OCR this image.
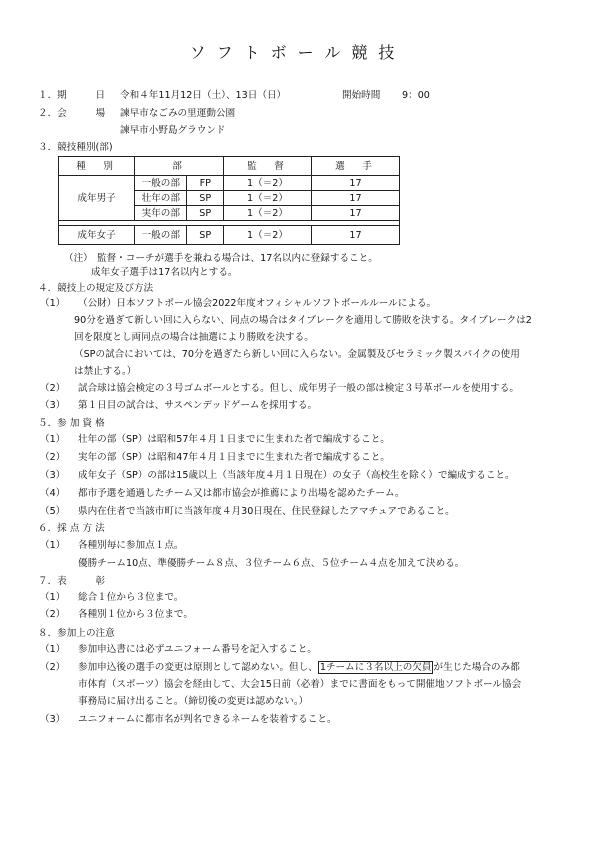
ソフトボール競技
１．期　　　日 令和４年11月12日（土）、13日（日）	開始時間 9：00
２．会　　　場 諫早市なごみの里運動公園
諫早市小野島グラウンド
３．競技種別(部)
種　別	部		監　督	選　手
成年男子	一般の部	FP	1（＝2）	17
	壮年の部	SP	1（＝2）	17
	実年の部	SP	1（＝2）	17

成年女子	一般の部	SP	1（＝2）	17
（注） 監督・コーチが選手を兼ねる場合は、17名以内に登録すること。
成年女子選手は17名以内とする。
４．競技上の規定及び方法
（1） （公財）日本ソフトボール協会2022年度オフィシャルソフトボールルールによる。
90分を過ぎて新しい回に入らない、同点の場合はタイブレークを適用して勝敗を決する。タイブレークは2
回を限度とし両同点の場合は抽選により勝敗を決する。
（SPの試合においては、70分を過ぎたら新しい回に入らない。金属製及びセラミック製スパイクの使用
は禁止する。）
（2） 試合球は協会検定の３号ゴムボールとする。但し、成年男子一般の部は検定３号革ボールを使用する。
（3） 第１日目の試合は、サスペンデッドゲームを採用する。
５．参 加 資 格
（1） 壮年の部（SP）は昭和57年４月１日までに生まれた者で編成すること。
（2） 実年の部（SP）は昭和47年４月１日までに生まれた者で編成すること。
（3） 成年女子（SP）の部は15歳以上（当該年度４月１日現在）の女子（高校生を除く）で編成すること。
（4） 都市予選を通過したチーム又は都市協会が推薦により出場を認めたチーム。
（5） 県内在住者で当該市町に当該年度４月30日現在、住民登録したアマチュアであること。
６．採 点 方 法
（1） 各種別毎に参加点１点。
優勝チーム10点、準優勝チーム８点、３位チーム６点、５位チーム４点を加えて決める。
７．表　　　彰
（1） 総合１位から３位まで。
（2） 各種別１位から３位まで。
８．参加上の注意
（1） 参加申込書には必ずユニフォーム番号を記入すること。
（2） 参加申込後の選手の変更は原則として認めない。但し、 1チームに３名以上の欠員 が生じた場合のみ都
市体育（スポーツ）協会を経由して、大会15日前（必着）までに書面をもって開催地ソフトボール協会
事務局に届け出ること。（締切後の変更は認めない。）
（3） ユニフォームに都市名が判名できるネームを装着すること。
